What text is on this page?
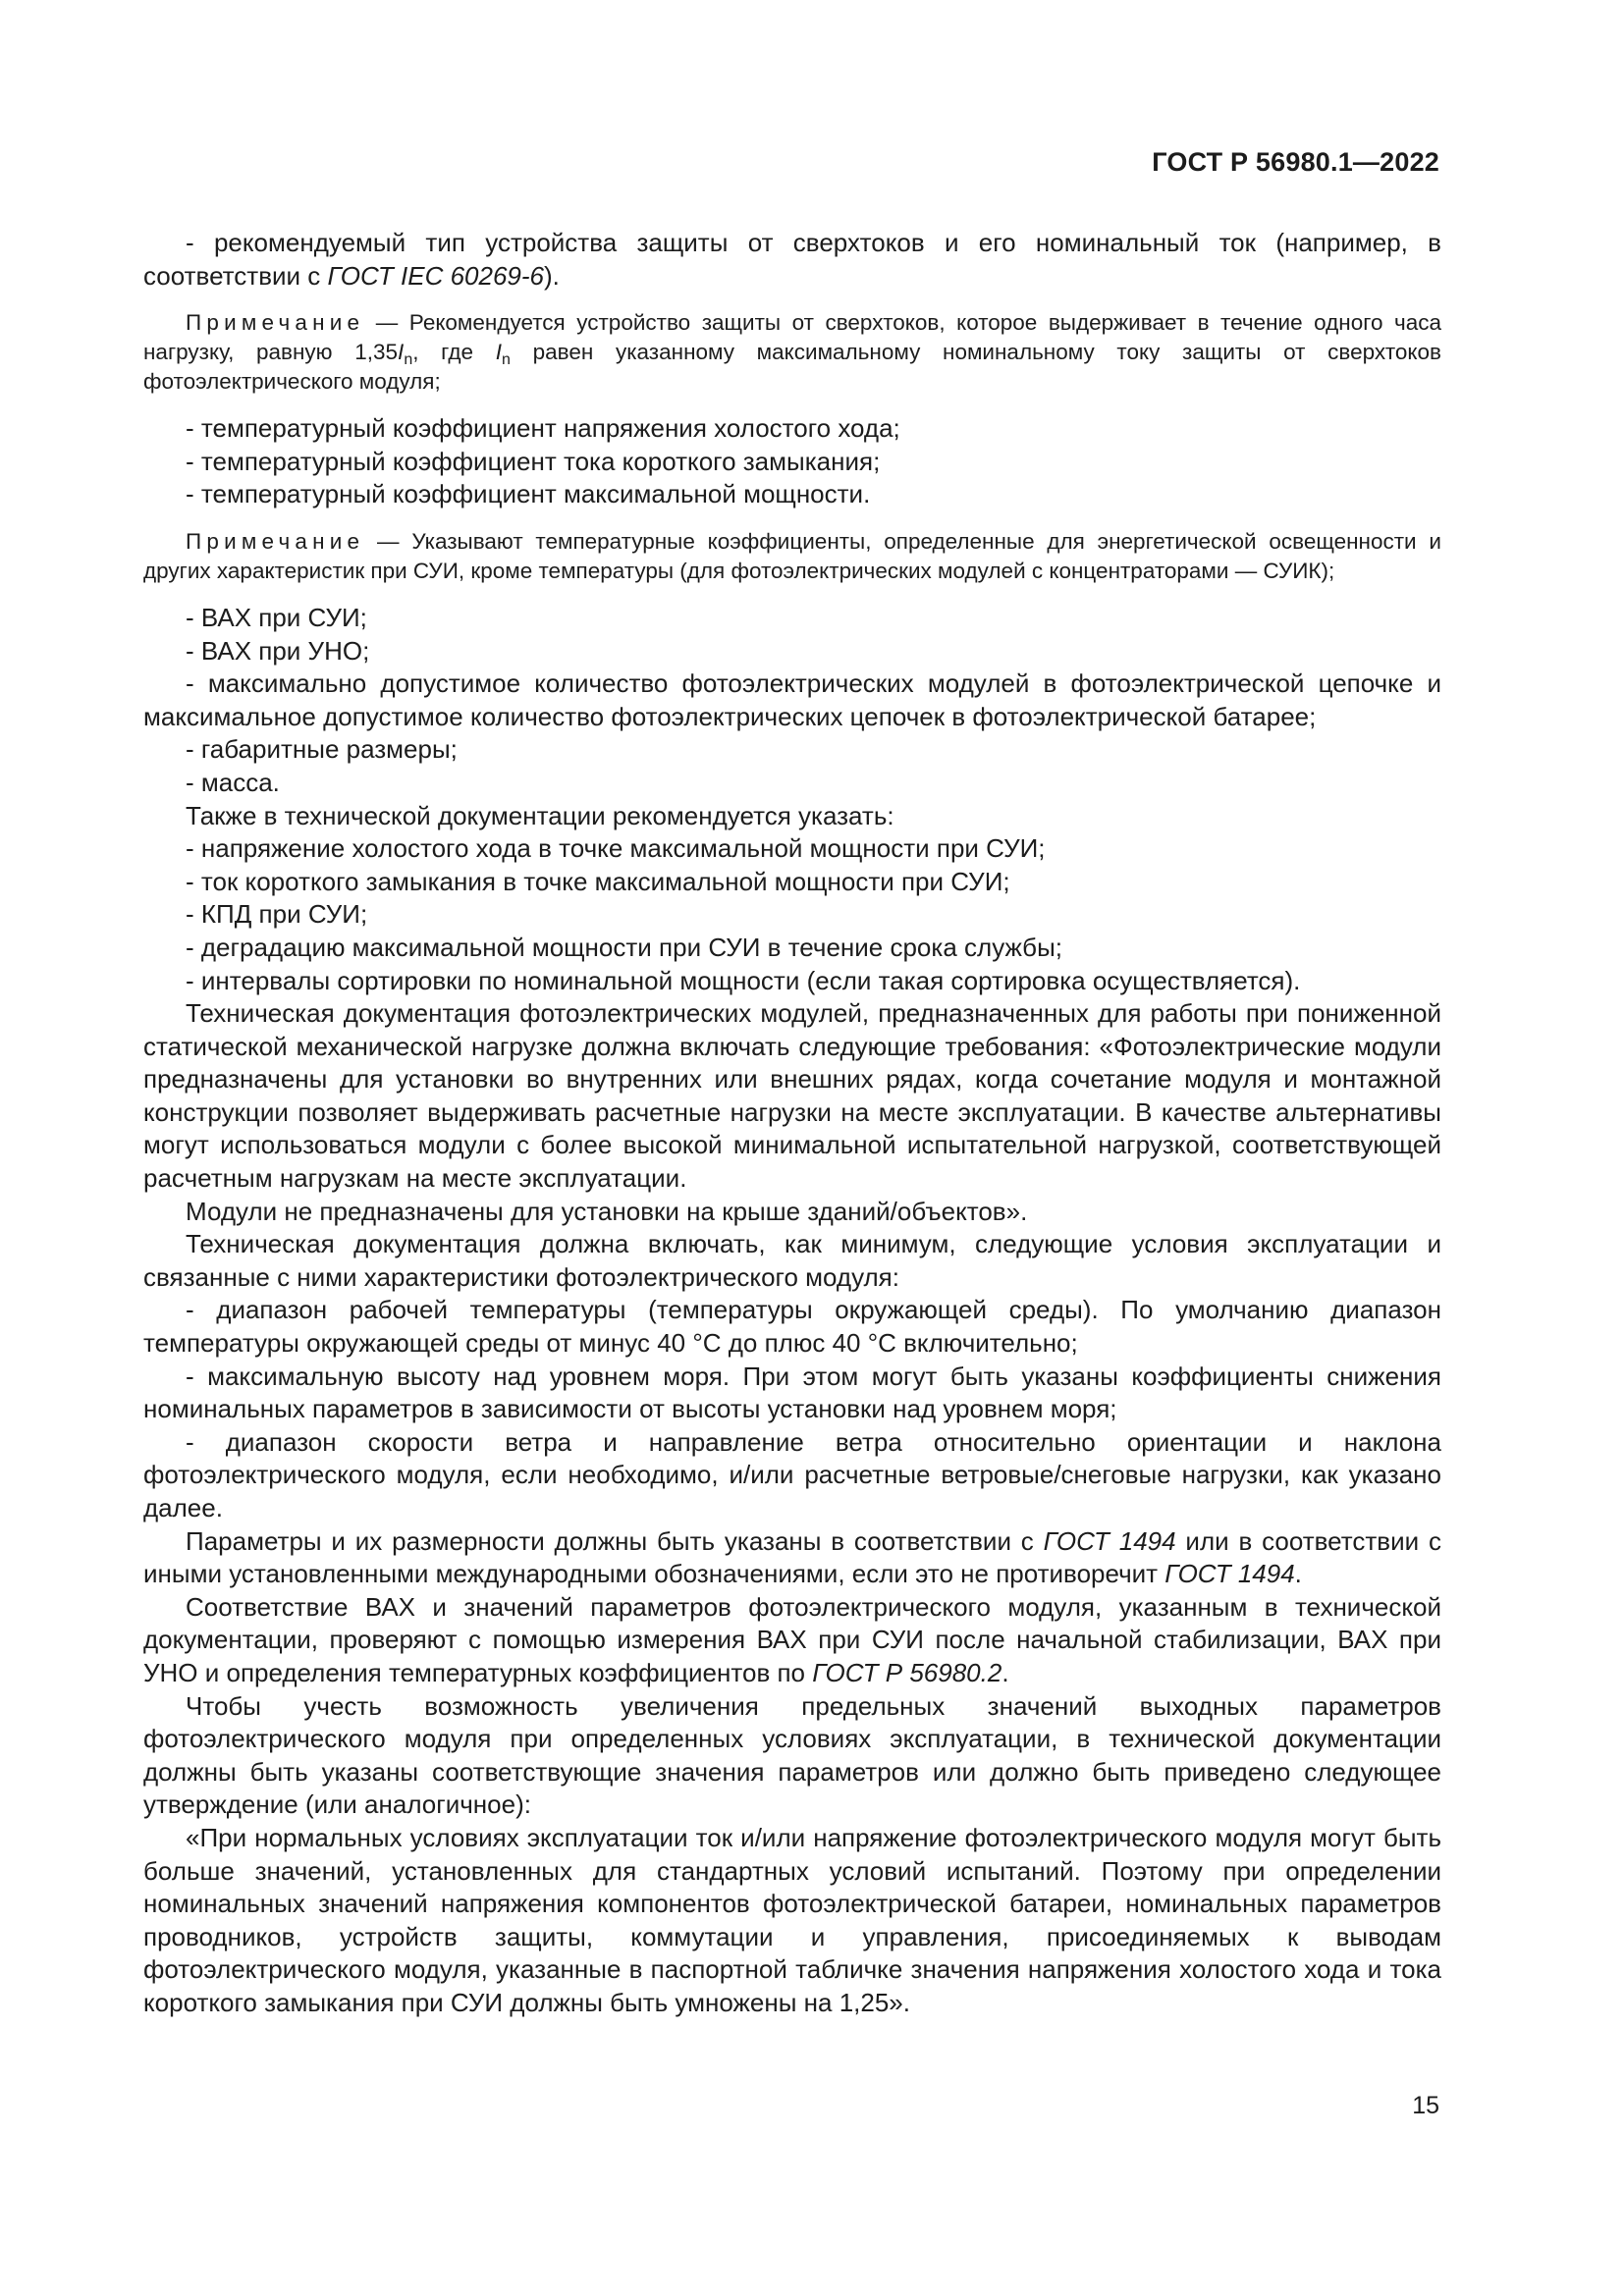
ГОСТ Р 56980.1—2022

- рекомендуемый тип устройства защиты от сверхтоков и его номинальный ток (например, в соответствии с ГОСТ IEC 60269-6).

Примечание — Рекомендуется устройство защиты от сверхтоков, которое выдерживает в течение одного часа нагрузку, равную $1,35I_n$, где $I_n$ равен указанному максимальному номинальному току защиты от сверхтоков фотоэлектрического модуля;

- температурный коэффициент напряжения холостого хода;

- температурный коэффициент тока короткого замыкания;

- температурный коэффициент максимальной мощности.

Примечание — Указывают температурные коэффициенты, определенные для энергетической освещенности и других характеристик при СУИ, кроме температуры (для фотоэлектрических модулей с концентраторами — СУИК);

- ВАХ при СУИ;

- ВАХ при УНО;

- максимально допустимое количество фотоэлектрических модулей в фотоэлектрической цепочке и максимальное допустимое количество фотоэлектрических цепочек в фотоэлектрической батарее;

- габаритные размеры;

- масса.

Также в технической документации рекомендуется указать:

- напряжение холостого хода в точке максимальной мощности при СУИ;

- ток короткого замыкания в точке максимальной мощности при СУИ;

- КПД при СУИ;

- деградацию максимальной мощности при СУИ в течение срока службы;

- интервалы сортировки по номинальной мощности (если такая сортировка осуществляется).

Техническая документация фотоэлектрических модулей, предназначенных для работы при пониженной статической механической нагрузке должна включать следующие требования: «Фотоэлектрические модули предназначены для установки во внутренних или внешних рядах, когда сочетание модуля и монтажной конструкции позволяет выдерживать расчетные нагрузки на месте эксплуатации. В качестве альтернативы могут использоваться модули с более высокой минимальной испытательной нагрузкой, соответствующей расчетным нагрузкам на месте эксплуатации.

Модули не предназначены для установки на крыше зданий/объектов».

Техническая документация должна включать, как минимум, следующие условия эксплуатации и связанные с ними характеристики фотоэлектрического модуля:

- диапазон рабочей температуры (температуры окружающей среды). По умолчанию диапазон температуры окружающей среды от минус 40 °С до плюс 40 °С включительно;

- максимальную высоту над уровнем моря. При этом могут быть указаны коэффициенты снижения номинальных параметров в зависимости от высоты установки над уровнем моря;

- диапазон скорости ветра и направление ветра относительно ориентации и наклона фотоэлектрического модуля, если необходимо, и/или расчетные ветровые/снеговые нагрузки, как указано далее.

Параметры и их размерности должны быть указаны в соответствии с ГОСТ 1494 или в соответствии с иными установленными международными обозначениями, если это не противоречит ГОСТ 1494.

Соответствие ВАХ и значений параметров фотоэлектрического модуля, указанным в технической документации, проверяют с помощью измерения ВАХ при СУИ после начальной стабилизации, ВАХ при УНО и определения температурных коэффициентов по ГОСТ Р 56980.2.

Чтобы учесть возможность увеличения предельных значений выходных параметров фотоэлектрического модуля при определенных условиях эксплуатации, в технической документации должны быть указаны соответствующие значения параметров или должно быть приведено следующее утверждение (или аналогичное):

«При нормальных условиях эксплуатации ток и/или напряжение фотоэлектрического модуля могут быть больше значений, установленных для стандартных условий испытаний. Поэтому при определении номинальных значений напряжения компонентов фотоэлектрической батареи, номинальных параметров проводников, устройств защиты, коммутации и управления, присоединяемых к выводам фотоэлектрического модуля, указанные в паспортной табличке значения напряжения холостого хода и тока короткого замыкания при СУИ должны быть умножены на 1,25».

15
